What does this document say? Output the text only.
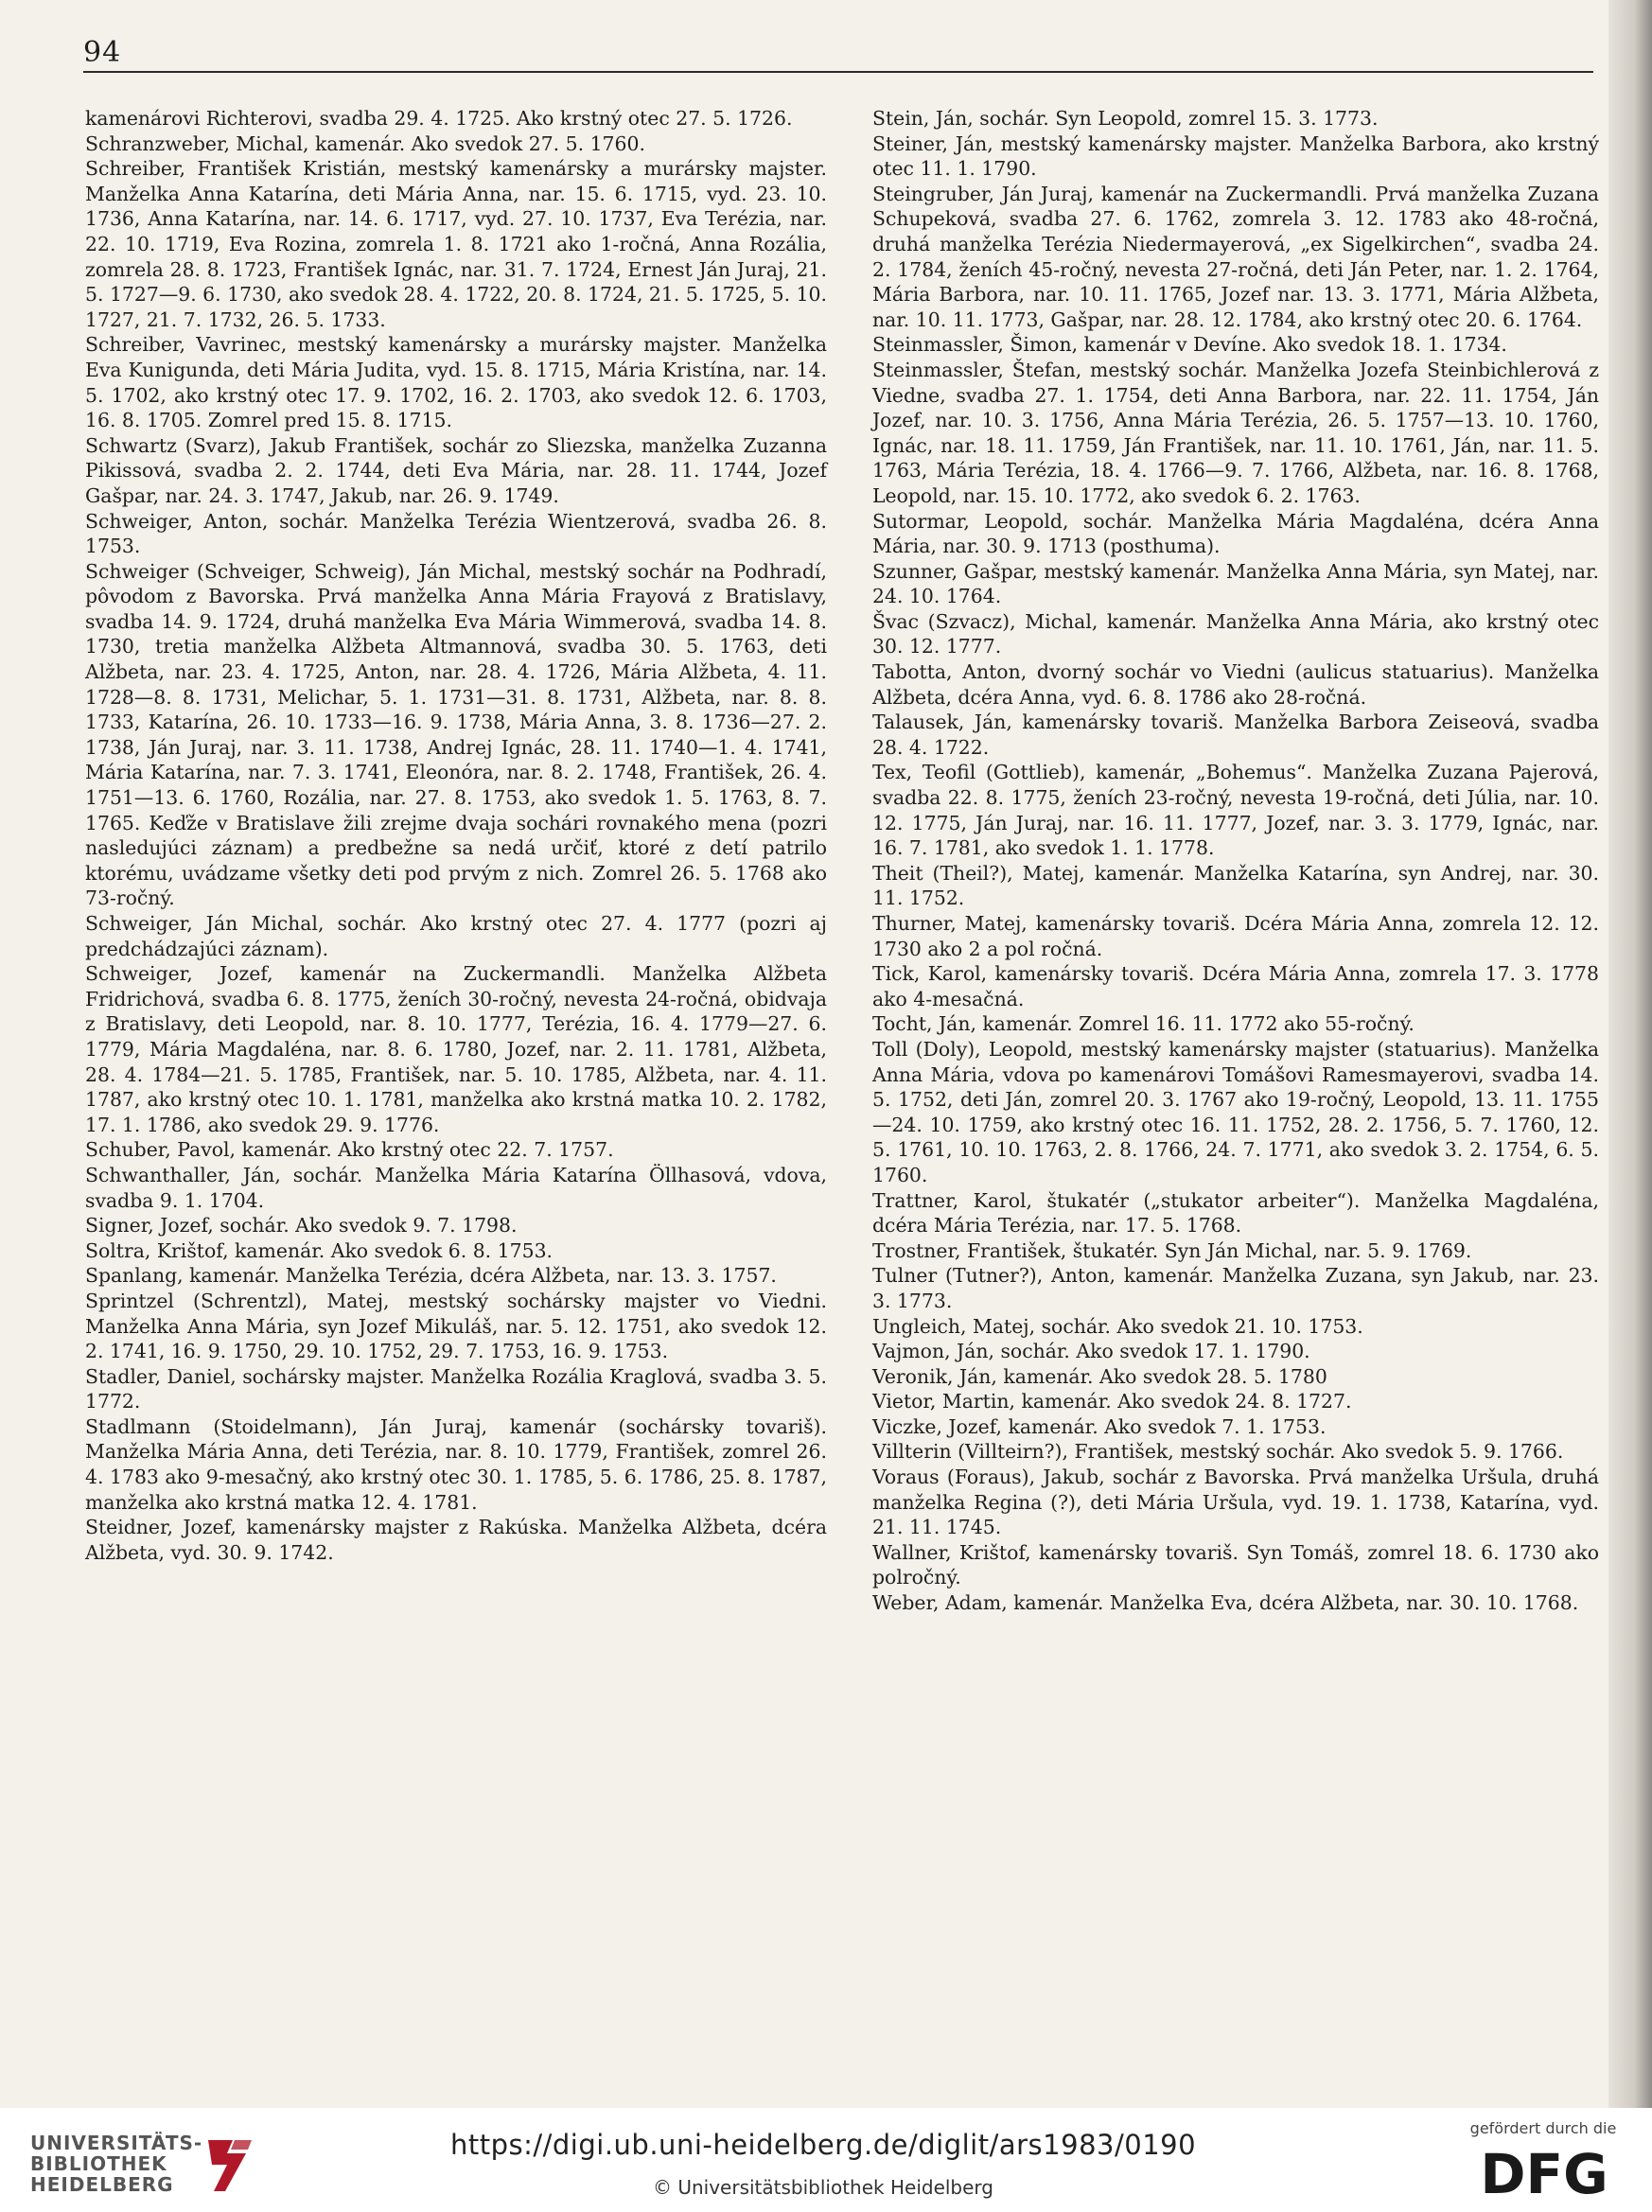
94

kamenárovi Richterovi, svadba 29. 4. 1725. Ako krstný otec 27. 5. 1726.

Schranzweber, Michal, kamenár. Ako svedok 27. 5. 1760.

Schreiber, František Kristián, mestský kamenársky a murársky majster. Manželka Anna Katarína, deti Mária Anna, nar. 15. 6. 1715, vyd. 23. 10. 1736, Anna Katarína, nar. 14. 6. 1717, vyd. 27. 10. 1737, Eva Terézia, nar. 22. 10. 1719, Eva Rozina, zomrela 1. 8. 1721 ako 1-ročná, Anna Rozália, zomrela 28. 8. 1723, František Ignác, nar. 31. 7. 1724, Ernest Ján Juraj, 21. 5. 1727—9. 6. 1730, ako svedok 28. 4. 1722, 20. 8. 1724, 21. 5. 1725, 5. 10. 1727, 21. 7. 1732, 26. 5. 1733.

Schreiber, Vavrinec, mestský kamenársky a murársky majster. Manželka Eva Kunigunda, deti Mária Judita, vyd. 15. 8. 1715, Mária Kristína, nar. 14. 5. 1702, ako krstný otec 17. 9. 1702, 16. 2. 1703, ako svedok 12. 6. 1703, 16. 8. 1705. Zomrel pred 15. 8. 1715.

Schwartz (Svarz), Jakub František, sochár zo Sliezska, manželka Zuzanna Pikissová, svadba 2. 2. 1744, deti Eva Mária, nar. 28. 11. 1744, Jozef Gašpar, nar. 24. 3. 1747, Jakub, nar. 26. 9. 1749.

Schweiger, Anton, sochár. Manželka Terézia Wientzerová, svadba 26. 8. 1753.

Schweiger (Schveiger, Schweig), Ján Michal, mestský sochár na Podhradí, pôvodom z Bavorska. Prvá manželka Anna Mária Frayová z Bratislavy, svadba 14. 9. 1724, druhá manželka Eva Mária Wimmerová, svadba 14. 8. 1730, tretia manželka Alžbeta Altmannová, svadba 30. 5. 1763, deti Alžbeta, nar. 23. 4. 1725, Anton, nar. 28. 4. 1726, Mária Alžbeta, 4. 11. 1728—8. 8. 1731, Melichar, 5. 1. 1731—31. 8. 1731, Alžbeta, nar. 8. 8. 1733, Katarína, 26. 10. 1733—16. 9. 1738, Mária Anna, 3. 8. 1736—27. 2. 1738, Ján Juraj, nar. 3. 11. 1738, Andrej Ignác, 28. 11. 1740—1. 4. 1741, Mária Katarína, nar. 7. 3. 1741, Eleonóra, nar. 8. 2. 1748, František, 26. 4. 1751—13. 6. 1760, Rozália, nar. 27. 8. 1753, ako svedok 1. 5. 1763, 8. 7. 1765. Keďže v Bratislave žili zrejme dvaja sochári rovnakého mena (pozri nasledujúci záznam) a predbežne sa nedá určiť, ktoré z detí patrilo ktorému, uvádzame všetky deti pod prvým z nich. Zomrel 26. 5. 1768 ako 73-ročný.

Schweiger, Ján Michal, sochár. Ako krstný otec 27. 4. 1777 (pozri aj predchádzajúci záznam).

Schweiger, Jozef, kamenár na Zuckermandli. Manželka Alžbeta Fridrichová, svadba 6. 8. 1775, ženích 30-ročný, nevesta 24-ročná, obidvaja z Bratislavy, deti Leopold, nar. 8. 10. 1777, Terézia, 16. 4. 1779—27. 6. 1779, Mária Magdaléna, nar. 8. 6. 1780, Jozef, nar. 2. 11. 1781, Alžbeta, 28. 4. 1784—21. 5. 1785, František, nar. 5. 10. 1785, Alžbeta, nar. 4. 11. 1787, ako krstný otec 10. 1. 1781, manželka ako krstná matka 10. 2. 1782, 17. 1. 1786, ako svedok 29. 9. 1776.

Schuber, Pavol, kamenár. Ako krstný otec 22. 7. 1757.

Schwanthaller, Ján, sochár. Manželka Mária Katarína Öllhasová, vdova, svadba 9. 1. 1704.

Signer, Jozef, sochár. Ako svedok 9. 7. 1798.

Soltra, Krištof, kamenár. Ako svedok 6. 8. 1753.

Spanlang, kamenár. Manželka Terézia, dcéra Alžbeta, nar. 13. 3. 1757.

Sprintzel (Schrentzl), Matej, mestský sochársky majster vo Viedni. Manželka Anna Mária, syn Jozef Mikuláš, nar. 5. 12. 1751, ako svedok 12. 2. 1741, 16. 9. 1750, 29. 10. 1752, 29. 7. 1753, 16. 9. 1753.

Stadler, Daniel, sochársky majster. Manželka Rozália Kraglová, svadba 3. 5. 1772.

Stadlmann (Stoidelmann), Ján Juraj, kamenár (sochársky tovariš). Manželka Mária Anna, deti Terézia, nar. 8. 10. 1779, František, zomrel 26. 4. 1783 ako 9-mesačný, ako krstný otec 30. 1. 1785, 5. 6. 1786, 25. 8. 1787, manželka ako krstná matka 12. 4. 1781.

Steidner, Jozef, kamenársky majster z Rakúska. Manželka Alžbeta, dcéra Alžbeta, vyd. 30. 9. 1742.

Stein, Ján, sochár. Syn Leopold, zomrel 15. 3. 1773.

Steiner, Ján, mestský kamenársky majster. Manželka Barbora, ako krstný otec 11. 1. 1790.

Steingruber, Ján Juraj, kamenár na Zuckermandli. Prvá manželka Zuzana Schupeková, svadba 27. 6. 1762, zomrela 3. 12. 1783 ako 48-ročná, druhá manželka Terézia Niedermayerová, „ex Sigelkirchen“, svadba 24. 2. 1784, ženích 45-ročný, nevesta 27-ročná, deti Ján Peter, nar. 1. 2. 1764, Mária Barbora, nar. 10. 11. 1765, Jozef nar. 13. 3. 1771, Mária Alžbeta, nar. 10. 11. 1773, Gašpar, nar. 28. 12. 1784, ako krstný otec 20. 6. 1764.

Steinmassler, Šimon, kamenár v Devíne. Ako svedok 18. 1. 1734.

Steinmassler, Štefan, mestský sochár. Manželka Jozefa Steinbichlerová z Viedne, svadba 27. 1. 1754, deti Anna Barbora, nar. 22. 11. 1754, Ján Jozef, nar. 10. 3. 1756, Anna Mária Terézia, 26. 5. 1757—13. 10. 1760, Ignác, nar. 18. 11. 1759, Ján František, nar. 11. 10. 1761, Ján, nar. 11. 5. 1763, Mária Terézia, 18. 4. 1766—9. 7. 1766, Alžbeta, nar. 16. 8. 1768, Leopold, nar. 15. 10. 1772, ako svedok 6. 2. 1763.

Sutormar, Leopold, sochár. Manželka Mária Magdaléna, dcéra Anna Mária, nar. 30. 9. 1713 (posthuma).

Szunner, Gašpar, mestský kamenár. Manželka Anna Mária, syn Matej, nar. 24. 10. 1764.

Švac (Szvacz), Michal, kamenár. Manželka Anna Mária, ako krstný otec 30. 12. 1777.

Tabotta, Anton, dvorný sochár vo Viedni (aulicus statuarius). Manželka Alžbeta, dcéra Anna, vyd. 6. 8. 1786 ako 28-ročná.

Talausek, Ján, kamenársky tovariš. Manželka Barbora Zeiseová, svadba 28. 4. 1722.

Tex, Teofil (Gottlieb), kamenár, „Bohemus“. Manželka Zuzana Pajerová, svadba 22. 8. 1775, ženích 23-ročný, nevesta 19-ročná, deti Júlia, nar. 10. 12. 1775, Ján Juraj, nar. 16. 11. 1777, Jozef, nar. 3. 3. 1779, Ignác, nar. 16. 7. 1781, ako svedok 1. 1. 1778.

Theit (Theil?), Matej, kamenár. Manželka Katarína, syn Andrej, nar. 30. 11. 1752.

Thurner, Matej, kamenársky tovariš. Dcéra Mária Anna, zomrela 12. 12. 1730 ako 2 a pol ročná.

Tick, Karol, kamenársky tovariš. Dcéra Mária Anna, zomrela 17. 3. 1778 ako 4-mesačná.

Tocht, Ján, kamenár. Zomrel 16. 11. 1772 ako 55-ročný.

Toll (Doly), Leopold, mestský kamenársky majster (statuarius). Manželka Anna Mária, vdova po kamenárovi Tomášovi Ramesmayerovi, svadba 14. 5. 1752, deti Ján, zomrel 20. 3. 1767 ako 19-ročný, Leopold, 13. 11. 1755—24. 10. 1759, ako krstný otec 16. 11. 1752, 28. 2. 1756, 5. 7. 1760, 12. 5. 1761, 10. 10. 1763, 2. 8. 1766, 24. 7. 1771, ako svedok 3. 2. 1754, 6. 5. 1760.

Trattner, Karol, štukatér („stukator arbeiter“). Manželka Magdaléna, dcéra Mária Terézia, nar. 17. 5. 1768.

Trostner, František, štukatér. Syn Ján Michal, nar. 5. 9. 1769.

Tulner (Tutner?), Anton, kamenár. Manželka Zuzana, syn Jakub, nar. 23. 3. 1773.

Ungleich, Matej, sochár. Ako svedok 21. 10. 1753.

Vajmon, Ján, sochár. Ako svedok 17. 1. 1790.

Veronik, Ján, kamenár. Ako svedok 28. 5. 1780

Vietor, Martin, kamenár. Ako svedok 24. 8. 1727.

Viczke, Jozef, kamenár. Ako svedok 7. 1. 1753.

Villterin (Villteirn?), František, mestský sochár. Ako svedok 5. 9. 1766.

Voraus (Foraus), Jakub, sochár z Bavorska. Prvá manželka Uršula, druhá manželka Regina (?), deti Mária Uršula, vyd. 19. 1. 1738, Katarína, vyd. 21. 11. 1745.

Wallner, Krištof, kamenársky tovariš. Syn Tomáš, zomrel 18. 6. 1730 ako polročný.

Weber, Adam, kamenár. Manželka Eva, dcéra Alžbeta, nar. 30. 10. 1768.

UNIVERSITÄTS-
BIBLIOTHEK
HEIDELBERG
https://digi.ub.uni-heidelberg.de/diglit/ars1983/0190
© Universitätsbibliothek Heidelberg
gefördert durch die
DFG
